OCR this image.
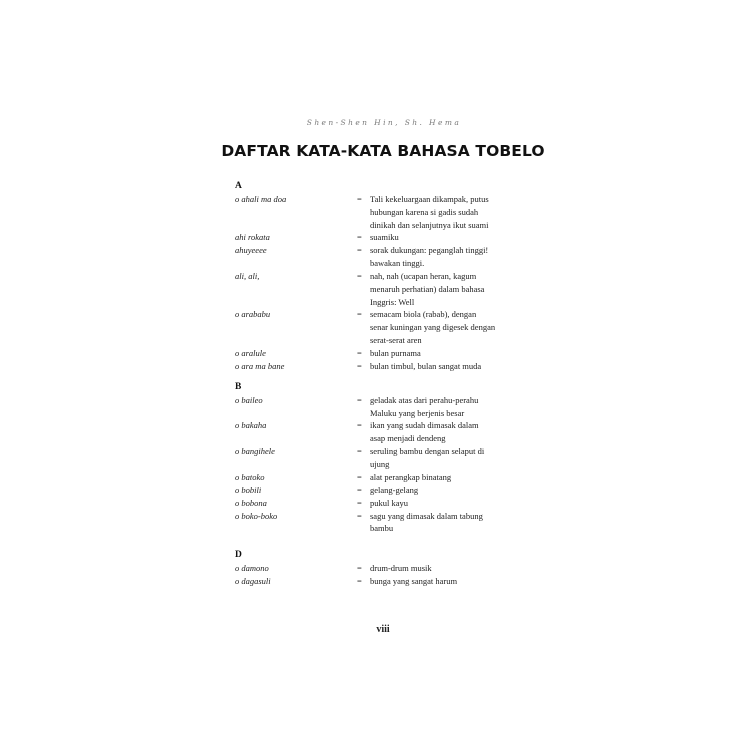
Shen-Shen Hin, Sh. Hema
DAFTAR KATA-KATA BAHASA TOBELO
A
o ahali ma doa	= Tali kekeluargaan dikampak, putus
hubungan karena si gadis sudah
dinikah dan selanjutnya ikut suami
ahi rokata	= suamiku
ahuyeeee	= sorak dukungan: peganglah tinggi!
bawakan tinggi.
ali, ali,	= nah, nah (ucapan heran, kagum
menaruh perhatian) dalam bahasa
Inggris: Well
o arababu	= semacam biola (rabab), dengan
senar kuningan yang digesek dengan
serat-serat aren
o aralule	= bulan purnama
o ara ma bane	= bulan timbul, bulan sangat muda
B
o baileo	= geladak atas dari perahu-perahu
Maluku yang berjenis besar
o bakaha	= ikan yang sudah dimasak dalam
asap menjadi dendeng
o bangihele	= seruling bambu dengan selaput di
ujung
o batoko	= alat perangkap binatang
o bobili	= gelang-gelang
o bobona	= pukul kayu
o boko-boko	= sagu yang dimasak dalam tabung
bambu
D
o damono	= drum-drum musik
o dagasuli	= bunga yang sangat harum
viii
